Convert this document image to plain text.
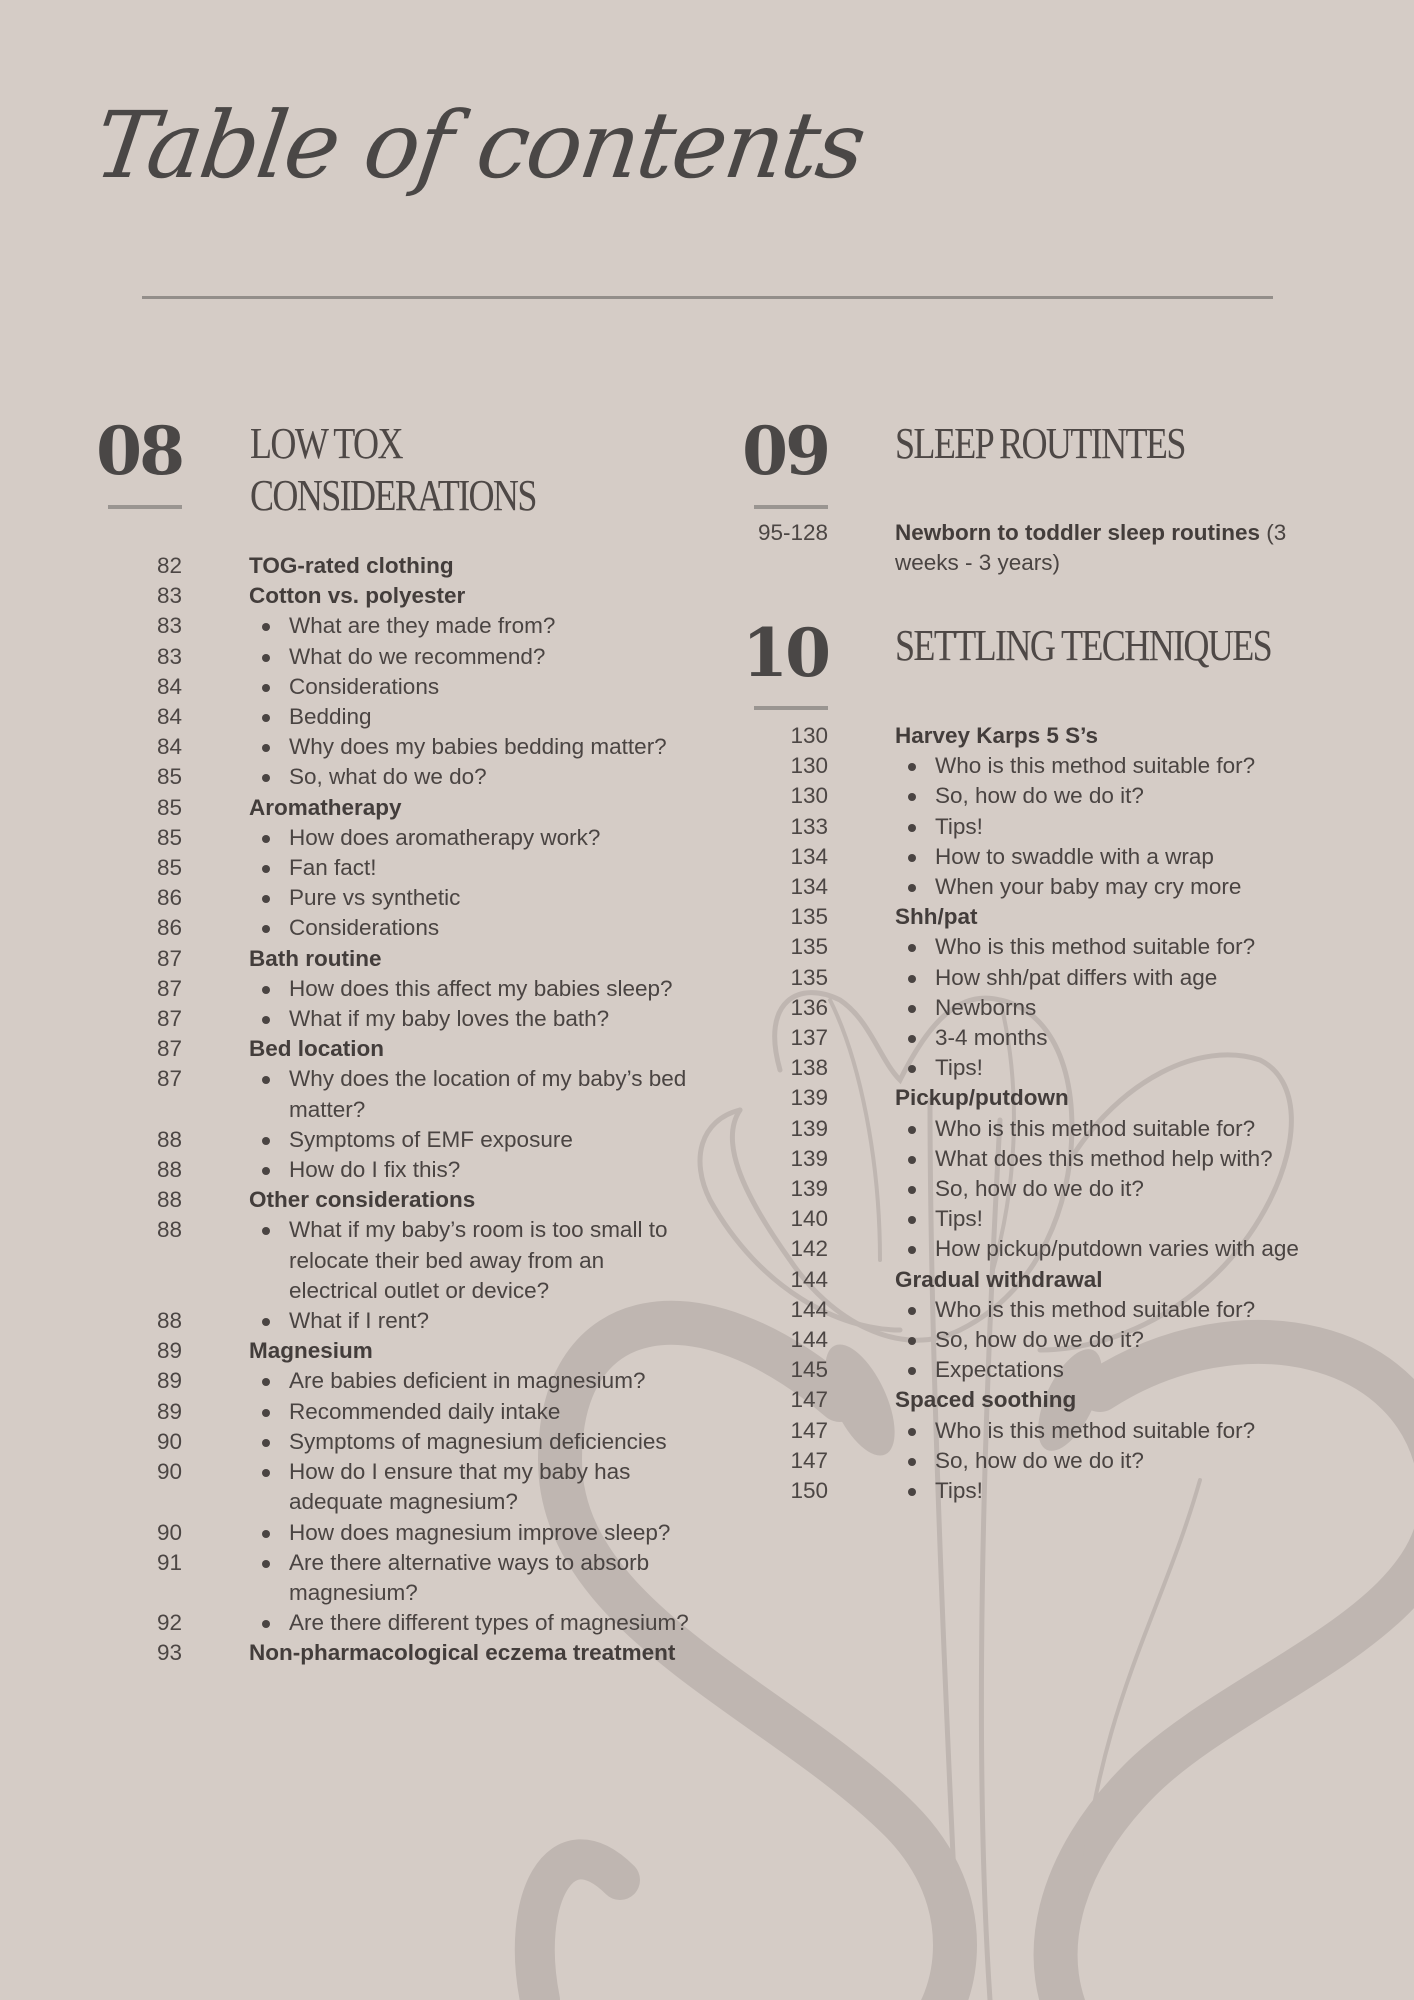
Table of contents
08 LOW TOX
CONSIDERATIONS
82	TOG-rated clothing
83	Cotton vs. polyester
83	What are they made from?
83	What do we recommend?
84	Considerations
84	Bedding
84	Why does my babies bedding matter?
85	So, what do we do?
85	Aromatherapy
85	How does aromatherapy work?
85	Fan fact!
86	Pure vs synthetic
86	Considerations
87	Bath routine
87	How does this affect my babies sleep?
87	What if my baby loves the bath?
87	Bed location
87	Why does the location of my baby’s bed matter?
88	Symptoms of EMF exposure
88	How do I fix this?
88	Other considerations
88	What if my baby’s room is too small to relocate their bed away from an electrical outlet or device?
88	What if I rent?
89	Magnesium
89	Are babies deficient in magnesium?
89	Recommended daily intake
90	Symptoms of magnesium deficiencies
90	How do I ensure that my baby has adequate magnesium?
90	How does magnesium improve sleep?
91	Are there alternative ways to absorb magnesium?
92	Are there different types of magnesium?
93	Non-pharmacological eczema treatment
09 SLEEP ROUTINTES
95-128	Newborn to toddler sleep routines (3 weeks - 3 years)
10 SETTLING TECHNIQUES
130	Harvey Karps 5 S’s
130	Who is this method suitable for?
130	So, how do we do it?
133	Tips!
134	How to swaddle with a wrap
134	When your baby may cry more
135	Shh/pat
135	Who is this method suitable for?
135	How shh/pat differs with age
136	Newborns
137	3-4 months
138	Tips!
139	Pickup/putdown
139	Who is this method suitable for?
139	What does this method help with?
139	So, how do we do it?
140	Tips!
142	How pickup/putdown varies with age
144	Gradual withdrawal
144	Who is this method suitable for?
144	So, how do we do it?
145	Expectations
147	Spaced soothing
147	Who is this method suitable for?
147	So, how do we do it?
150	Tips!
